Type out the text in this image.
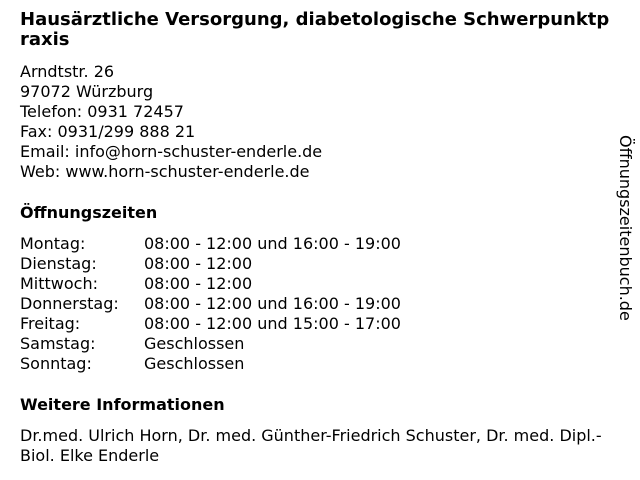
Hausärztliche Versorgung, diabetologische Schwerpunktpraxis
Arndtstr. 26
97072 Würzburg
Telefon: 0931 72457
Fax: 0931/299 888 21
Email: info@horn-schuster-enderle.de
Web: www.horn-schuster-enderle.de
Öffnungszeiten
Montag:	08:00 - 12:00 und 16:00 - 19:00
Dienstag:	08:00 - 12:00
Mittwoch:	08:00 - 12:00
Donnerstag:	08:00 - 12:00 und 16:00 - 19:00
Freitag:	08:00 - 12:00 und 15:00 - 17:00
Samstag:	Geschlossen
Sonntag:	Geschlossen
Weitere Informationen
Dr.med. Ulrich Horn, Dr. med. Günther-Friedrich Schuster, Dr. med. Dipl.-Biol. Elke Enderle
Öffnungszeitenbuch.de
